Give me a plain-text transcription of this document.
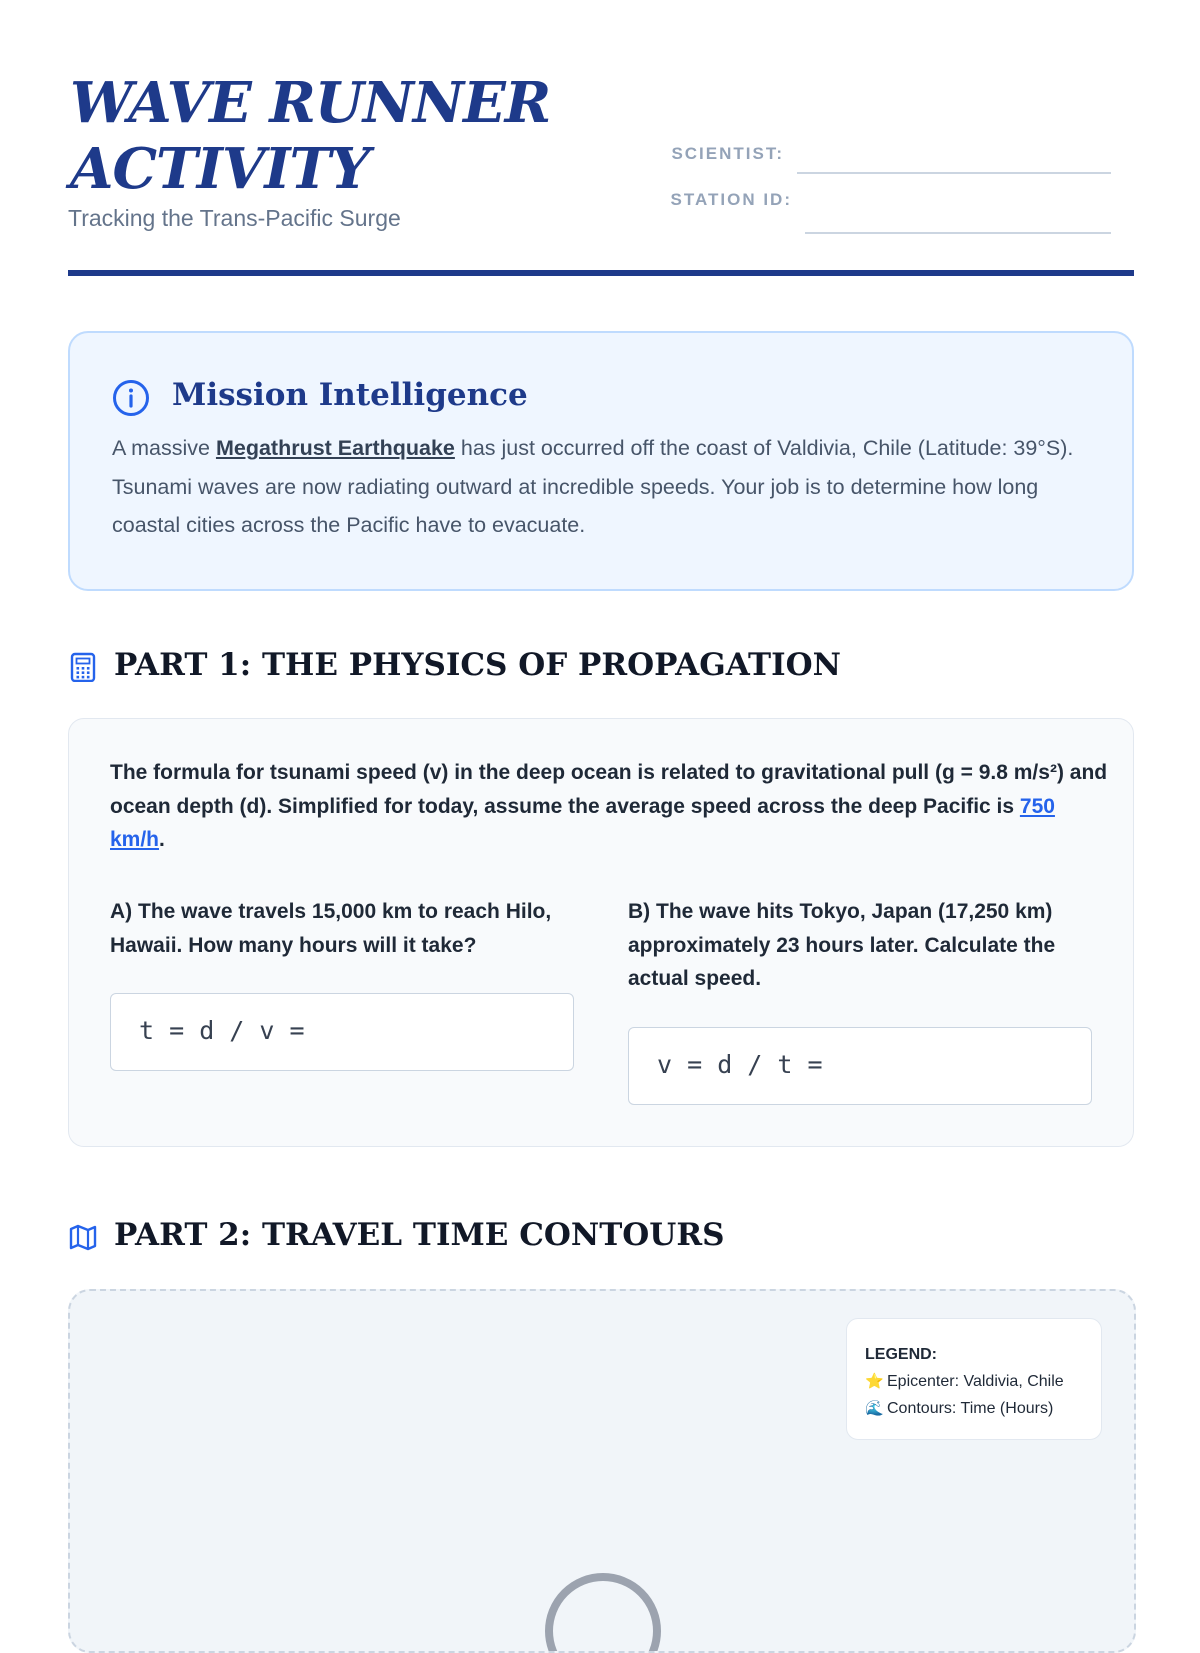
WAVE RUNNER ACTIVITY
Tracking the Trans-Pacific Surge
SCIENTIST:
STATION ID:
Mission Intelligence
A massive Megathrust Earthquake has just occurred off the coast of Valdivia, Chile (Latitude: 39°S). Tsunami waves are now radiating outward at incredible speeds. Your job is to determine how long coastal cities across the Pacific have to evacuate.
PART 1: THE PHYSICS OF PROPAGATION
The formula for tsunami speed (v) in the deep ocean is related to gravitational pull (g = 9.8 m/s²) and ocean depth (d). Simplified for today, assume the average speed across the deep Pacific is 750 km/h.
A) The wave travels 15,000 km to reach Hilo, Hawaii. How many hours will it take?
t = d / v =
B) The wave hits Tokyo, Japan (17,250 km) approximately 23 hours later. Calculate the actual speed.
v = d / t =
PART 2: TRAVEL TIME CONTOURS
LEGEND:
⭐ Epicenter: Valdivia, Chile
🌊 Contours: Time (Hours)
